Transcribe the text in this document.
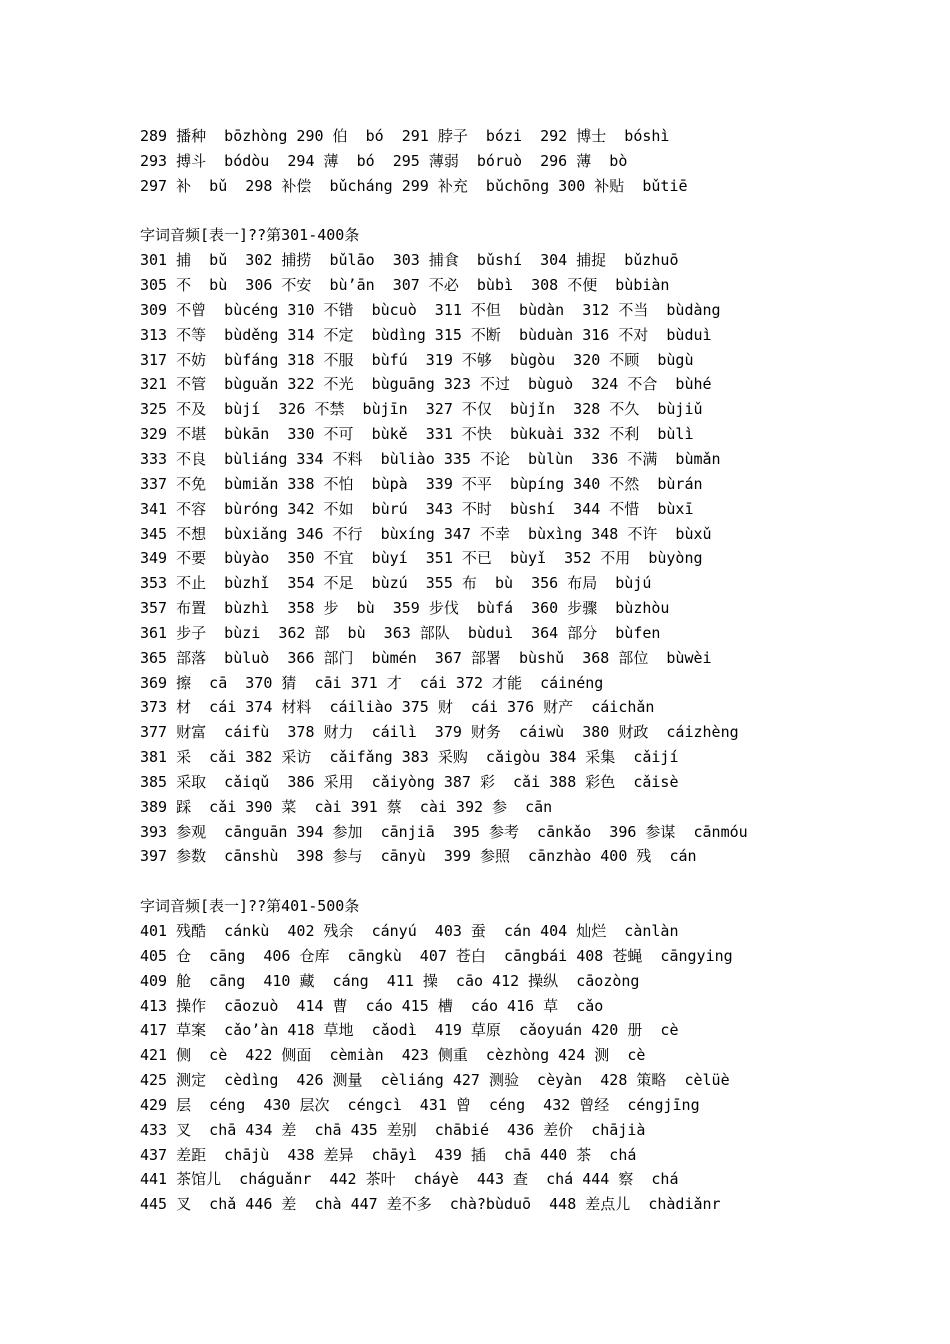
289 播种  bōzhòng 290 伯  bó  291 脖子  bózi  292 博士  bóshì
293 搏斗  bódòu  294 薄  bó  295 薄弱  bóruò  296 薄  bò
297 补  bǔ  298 补偿  bǔcháng 299 补充  bǔchōng 300 补贴  bǔtiē
字词音频[表一]??第301-400条
301 捕  bǔ  302 捕捞  bǔlāo  303 捕食  bǔshí  304 捕捉  bǔzhuō
305 不  bù  306 不安  bù’ān  307 不必  bùbì  308 不便  bùbiàn
309 不曾  bùcéng 310 不错  bùcuò  311 不但  bùdàn  312 不当  bùdàng
313 不等  bùděng 314 不定  bùdìng 315 不断  bùduàn 316 不对  bùduì
317 不妨  bùfáng 318 不服  bùfú  319 不够  bùgòu  320 不顾  bùgù
321 不管  bùguǎn 322 不光  bùguāng 323 不过  bùguò  324 不合  bùhé
325 不及  bùjí  326 不禁  bùjīn  327 不仅  bùjǐn  328 不久  bùjiǔ
329 不堪  bùkān  330 不可  bùkě  331 不快  bùkuài 332 不利  bùlì
333 不良  bùliáng 334 不料  bùliào 335 不论  bùlùn  336 不满  bùmǎn
337 不免  bùmiǎn 338 不怕  bùpà  339 不平  bùpíng 340 不然  bùrán
341 不容  bùróng 342 不如  bùrú  343 不时  bùshí  344 不惜  bùxī
345 不想  bùxiǎng 346 不行  bùxíng 347 不幸  bùxìng 348 不许  bùxǔ
349 不要  bùyào  350 不宜  bùyí  351 不已  bùyǐ  352 不用  bùyòng
353 不止  bùzhǐ  354 不足  bùzú  355 布  bù  356 布局  bùjú
357 布置  bùzhì  358 步  bù  359 步伐  bùfá  360 步骤  bùzhòu
361 步子  bùzi  362 部  bù  363 部队  bùduì  364 部分  bùfen
365 部落  bùluò  366 部门  bùmén  367 部署  bùshǔ  368 部位  bùwèi
369 擦  cā  370 猜  cāi 371 才  cái 372 才能  cáinéng
373 材  cái 374 材料  cáiliào 375 财  cái 376 财产  cáichǎn
377 财富  cáifù  378 财力  cáilì  379 财务  cáiwù  380 财政  cáizhèng
381 采  cǎi 382 采访  cǎifǎng 383 采购  cǎigòu 384 采集  cǎijí
385 采取  cǎiqǔ  386 采用  cǎiyòng 387 彩  cǎi 388 彩色  cǎisè
389 踩  cǎi 390 菜  cài 391 蔡  cài 392 参  cān
393 参观  cānguān 394 参加  cānjiā  395 参考  cānkǎo  396 参谋  cānmóu
397 参数  cānshù  398 参与  cānyù  399 参照  cānzhào 400 残  cán
字词音频[表一]??第401-500条
401 残酷  cánkù  402 残余  cányú  403 蚕  cán 404 灿烂  cànlàn
405 仓  cāng  406 仓库  cāngkù  407 苍白  cāngbái 408 苍蝇  cāngying
409 舱  cāng  410 藏  cáng  411 操  cāo 412 操纵  cāozòng
413 操作  cāozuò  414 曹  cáo 415 槽  cáo 416 草  cǎo
417 草案  cǎo’àn 418 草地  cǎodì  419 草原  cǎoyuán 420 册  cè
421 侧  cè  422 侧面  cèmiàn  423 侧重  cèzhòng 424 测  cè
425 测定  cèdìng  426 测量  cèliáng 427 测验  cèyàn  428 策略  cèlüè
429 层  céng  430 层次  céngcì  431 曾  céng  432 曾经  céngjīng
433 叉  chā 434 差  chā 435 差别  chābié  436 差价  chājià
437 差距  chājù  438 差异  chāyì  439 插  chā 440 茶  chá
441 茶馆儿  cháguǎnr  442 茶叶  cháyè  443 查  chá 444 察  chá
445 叉  chǎ 446 差  chà 447 差不多  chà?bùduō  448 差点儿  chàdiǎnr
